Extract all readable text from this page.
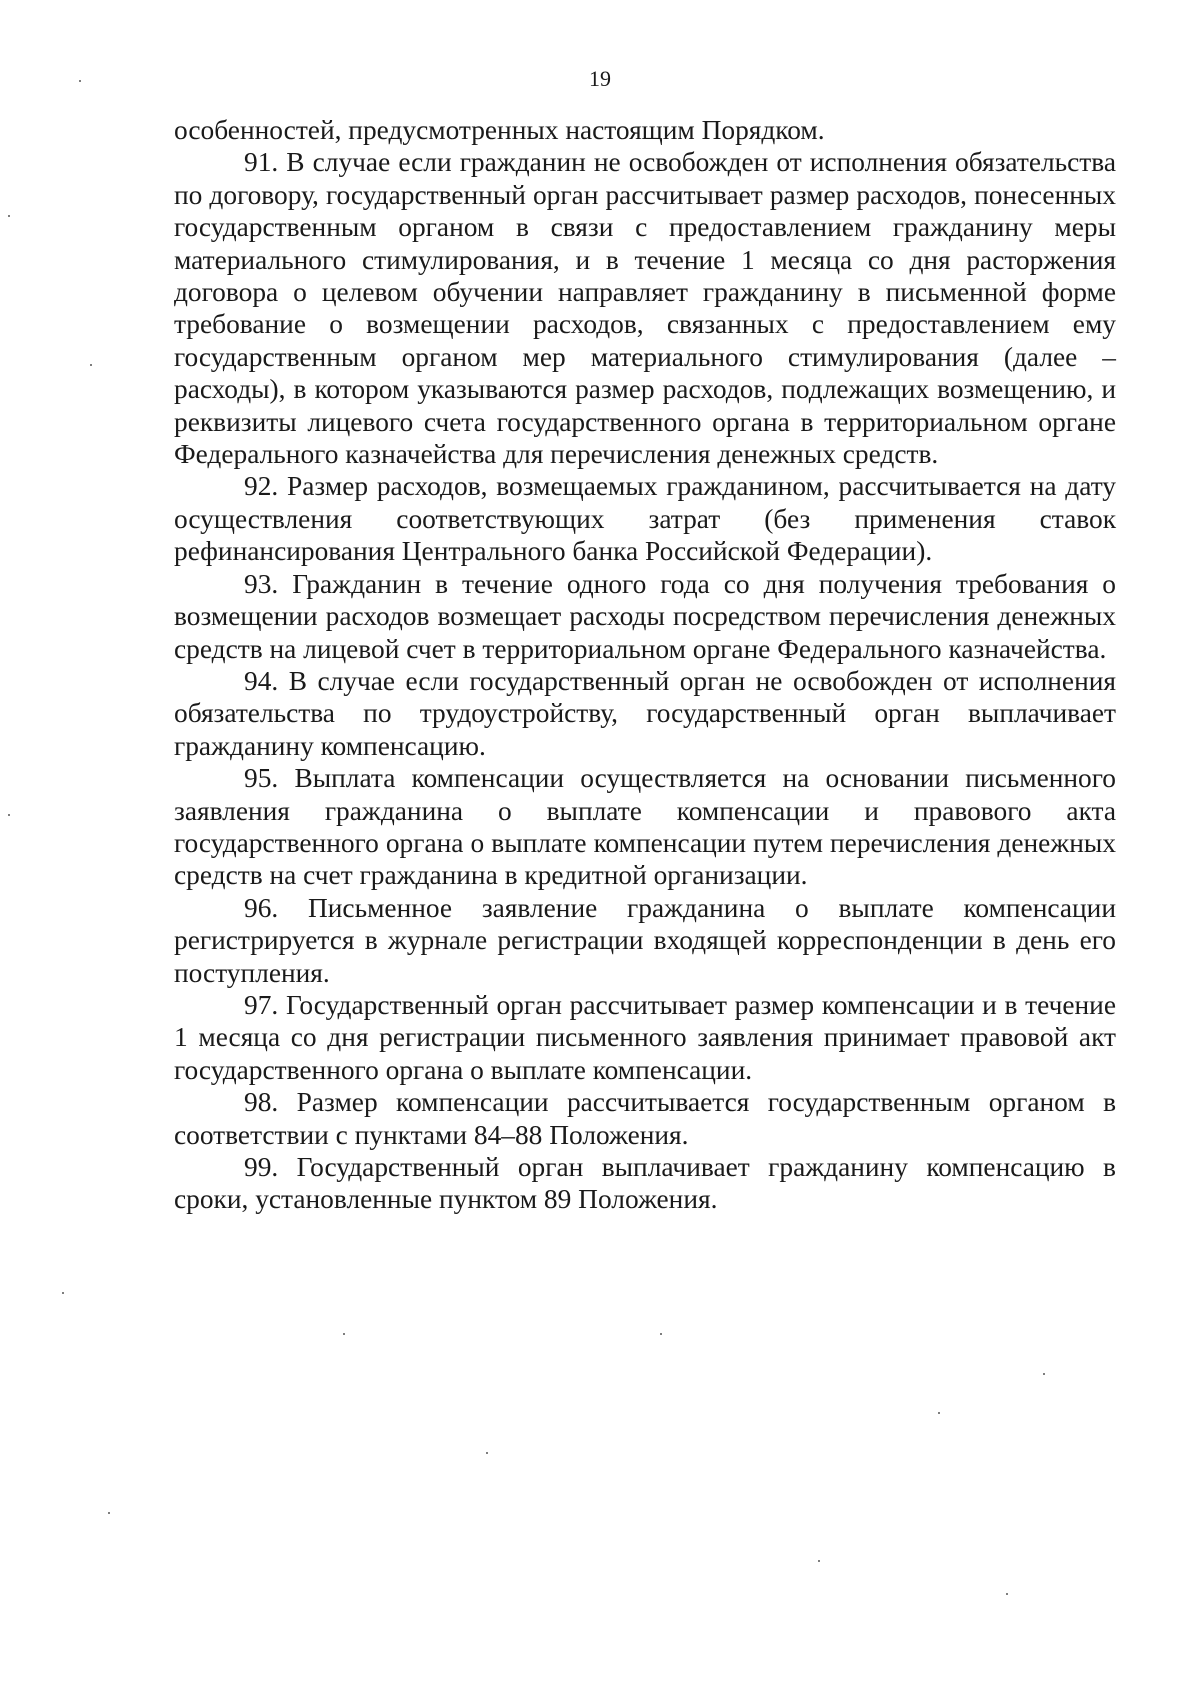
19

особенностей, предусмотренных настоящим Порядком.

91. В случае если гражданин не освобожден от исполнения обязательства по договору, государственный орган рассчитывает размер расходов, понесенных государственным органом в связи с предоставлением гражданину меры материального стимулирования, и в течение 1 месяца со дня расторжения договора о целевом обучении направляет гражданину в письменной форме требование о возмещении расходов, связанных с предоставлением ему государственным органом мер материального стимулирования (далее – расходы), в котором указываются размер расходов, подлежащих возмещению, и реквизиты лицевого счета государственного органа в территориальном органе Федерального казначейства для перечисления денежных средств.

92. Размер расходов, возмещаемых гражданином, рассчитывается на дату осуществления соответствующих затрат (без применения ставок рефинансирования Центрального банка Российской Федерации).

93. Гражданин в течение одного года со дня получения требования о возмещении расходов возмещает расходы посредством перечисления денежных средств на лицевой счет в территориальном органе Федерального казначейства.

94. В случае если государственный орган не освобожден от исполнения обязательства по трудоустройству, государственный орган выплачивает гражданину компенсацию.

95. Выплата компенсации осуществляется на основании письменного заявления гражданина о выплате компенсации и правового акта государственного органа о выплате компенсации путем перечисления денежных средств на счет гражданина в кредитной организации.

96. Письменное заявление гражданина о выплате компенсации регистрируется в журнале регистрации входящей корреспонденции в день его поступления.

97. Государственный орган рассчитывает размер компенсации и в течение 1 месяца со дня регистрации письменного заявления принимает правовой акт государственного органа о выплате компенсации.

98. Размер компенсации рассчитывается государственным органом в соответствии с пунктами 84–88 Положения.

99. Государственный орган выплачивает гражданину компенсацию в сроки, установленные пунктом 89 Положения.
